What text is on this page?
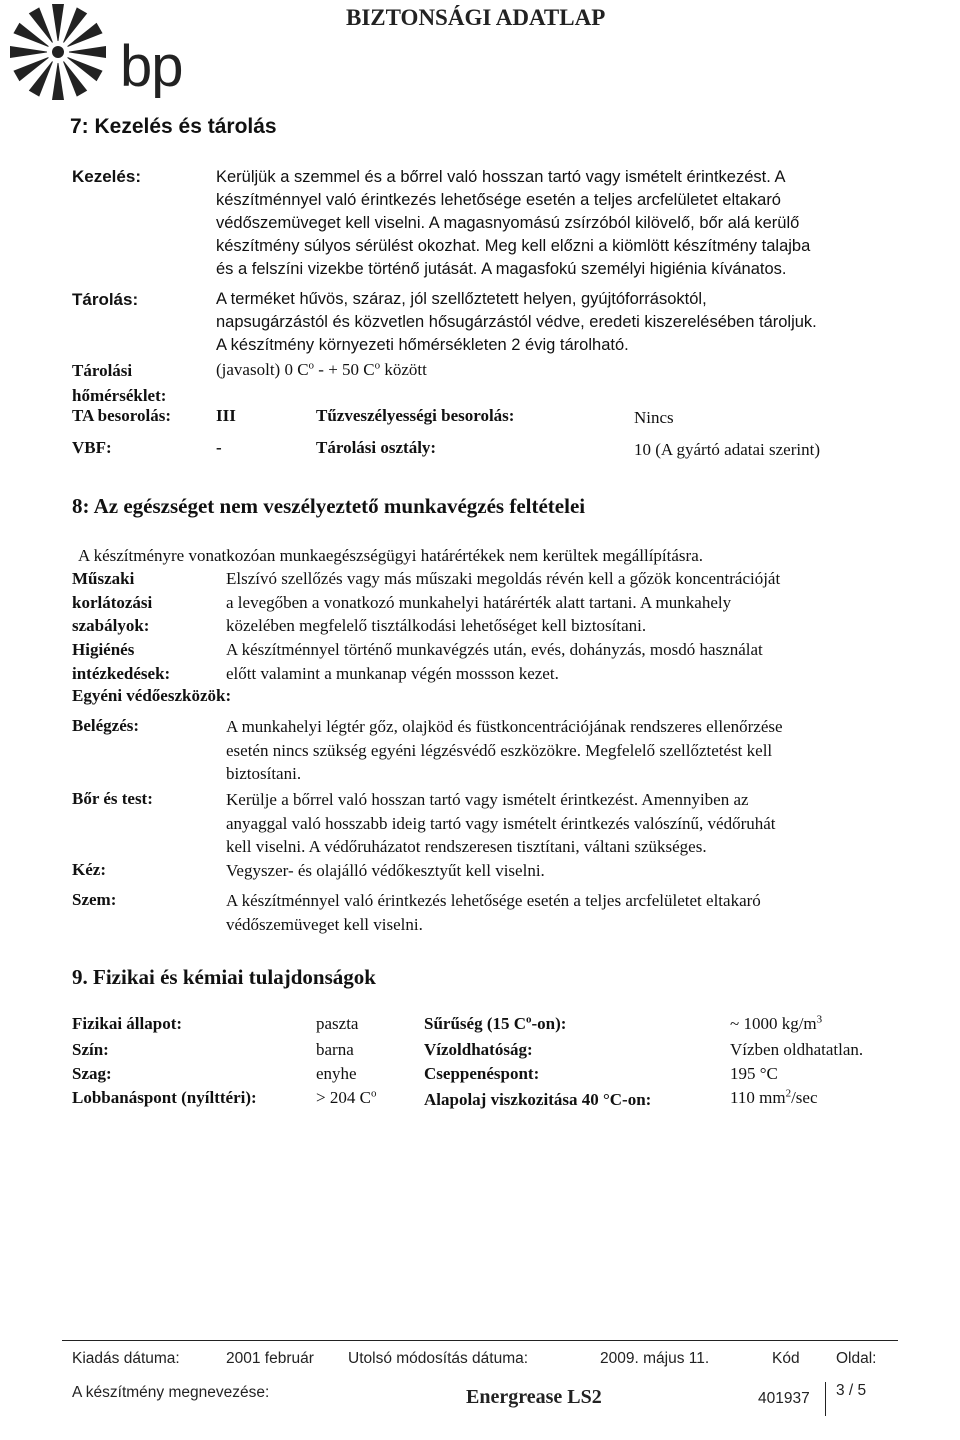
bp
BIZTONSÁGI ADATLAP
7: Kezelés és tárolás
Kezelés:	Kerüljük a szemmel és a bőrrel való hosszan tartó vagy ismételt érintkezést. A
készítménnyel való érintkezés lehetősége esetén a teljes arcfelületet eltakaró
védőszemüveget kell viselni. A magasnyomású zsírzóból kilövelő, bőr alá kerülő
készítmény súlyos sérülést okozhat. Meg kell előzni a kiömlött készítmény talajba
és a felszíni vizekbe történő jutását. A magasfokú személyi higiénia kívánatos.
Tárolás:	A terméket hűvös, száraz, jól szellőztetett helyen, gyújtóforrásoktól,
napsugárzástól és közvetlen hősugárzástól védve, eredeti kiszerelésében tároljuk.
A készítmény környezeti hőmérsékleten 2 évig tárolható.
Tárolási
hőmérséklet:
(javasolt) 0 $C^o$ - + 50 $C^o$ között
TA besorolás:	III	Tűzveszélyességi besorolás:	Nincs
VBF:	-	Tárolási osztály:	10 (A gyártó adatai szerint)
8: Az egészséget nem veszélyeztető munkavégzés feltételei
A készítményre vonatkozóan munkaegészségügyi határértékek nem kerültek megállípításra.
Műszaki
korlátozási
szabályok:
Elszívó szellőzés vagy más műszaki megoldás révén kell a gőzök koncentrációját
a levegőben a vonatkozó munkahelyi határérték alatt tartani. A munkahely
közelében megfelelő tisztálkodási lehetőséget kell biztosítani.
Higiénés
intézkedések:
A készítménnyel történő munkavégzés után, evés, dohányzás, mosdó használat
előtt valamint a munkanap végén mossson kezet.
Egyéni védőeszközök:
Belégzés:	A munkahelyi légtér gőz, olajköd és füstkoncentrációjának rendszeres ellenőrzése
esetén nincs szükség egyéni légzésvédő eszközökre. Megfelelő szellőztetést kell
biztosítani.
Bőr és test:	Kerülje a bőrrel való hosszan tartó vagy ismételt érintkezést. Amennyiben az
anyaggal való hosszabb ideig tartó vagy ismételt érintkezés valószínű, védőruhát
kell viselni. A védőruházatot rendszeresen tisztítani, váltani szükséges.
Kéz:	Vegyszer- és olajálló védőkesztyűt kell viselni.
Szem:	A készítménnyel való érintkezés lehetősége esetén a teljes arcfelületet eltakaró
védőszemüveget kell viselni.
9. Fizikai és kémiai tulajdonságok
Fizikai állapot:	paszta	Sűrűség (15 $C^o-on$):	~ 1000 $kg/m^3$
Szín:	barna	Vízoldhatóság:	Vízben oldhatatlan.
Szag:	enyhe	Cseppenéspont:	195 °C
Lobbanáspont (nyílttéri):	> 204 $C^o$	Alapolaj viszkozitása 40 °C-on:	110 $mm^2/\sec$
Kiadás dátuma:	2001 február Utolsó módosítás dátuma:	2009. május 11.	Kód Oldal:
A készítmény megnevezése:	Energrease LS2	401937 3 / 5
